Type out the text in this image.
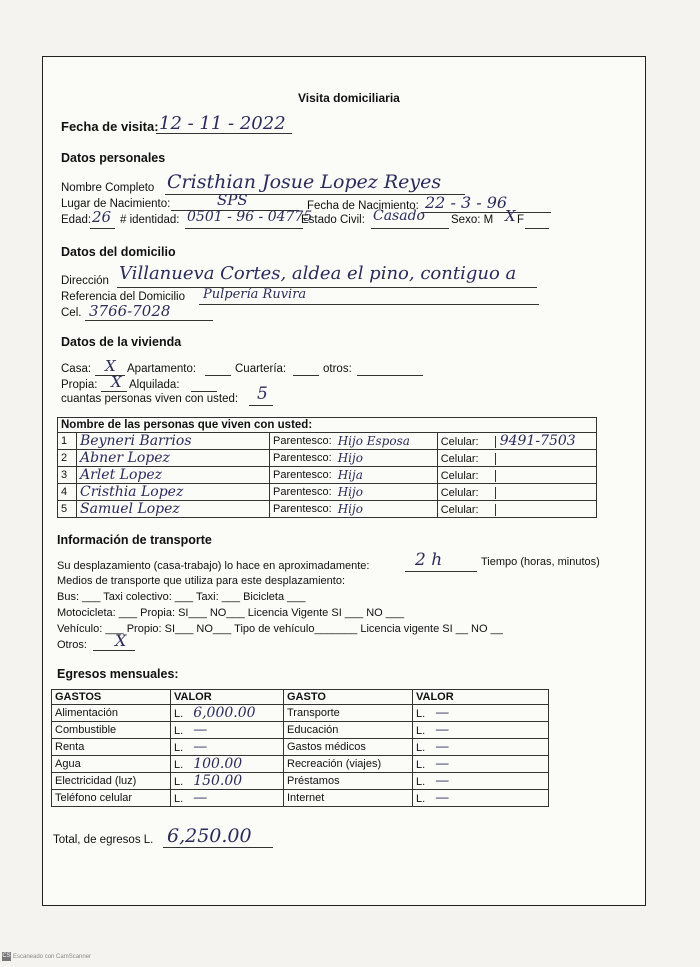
Visita domiciliaria
Fecha de visita: 12 - 11 - 2022
Datos personales
Nombre Completo Cristhian Josue Lopez Reyes
Lugar de Nacimiento:	SPS	Fecha de Nacimiento: 22 - 3 - 96
Edad: 26 # identidad: 0501 - 96 - 04775
Estado Civil: Casado Sexo: M X F
Datos del domicilio
Dirección Villanueva Cortes, aldea el pino, contiguo a
Referencia del Domicilio Pulpería Ruvira
Cel. 3766-7028
Datos de la vivienda
Casa: X Apartamento:	Cuartería:	otros:
Propia: X Alquilada:
cuantas personas viven con usted: 5
Nombre de las personas que viven con usted:				
1	Beyneri Barrios	Parentesco:	Hijo Esposa	Celular: 9491-7503
2	Abner Lopez	Parentesco:	Hijo	Celular:
3	Arlet Lopez	Parentesco:	Hija	Celular:
4	Cristhia Lopez	Parentesco:	Hijo	Celular:
5	Samuel Lopez	Parentesco:	Hijo	Celular:
Información de transporte
Su desplazamiento (casa-trabajo) lo hace en aproximadamente:	2 h	Tiempo (horas, minutos)
Medios de transporte que utiliza para este desplazamiento:
Bus: ___ Taxi colectivo: ___ Taxi: ___ Bicicleta ___
Motocicleta: ___ Propia: SI___ NO___ Licencia Vigente SI ___ NO ___
Vehículo: ___ Propio: SI___ NO___ Tipo de vehículo_______ Licencia vigente SI __ NO __
Otros: X
Egresos mensuales:
GASTOS	VALOR	GASTO	VALOR
Alimentación	L. 6,000.00	Transporte	L. —
Combustible	L. —	Educación	L. —
Renta	L. —	Gastos médicos	L. —
Agua	L. 100.00	Recreación (viajes)	L. —
Electricidad (luz)	L. 150.00	Préstamos	L. —
Teléfono celular	L. —	Internet	L. —
Total, de egresos L. 6,250.00
CS Escaneado con CamScanner
